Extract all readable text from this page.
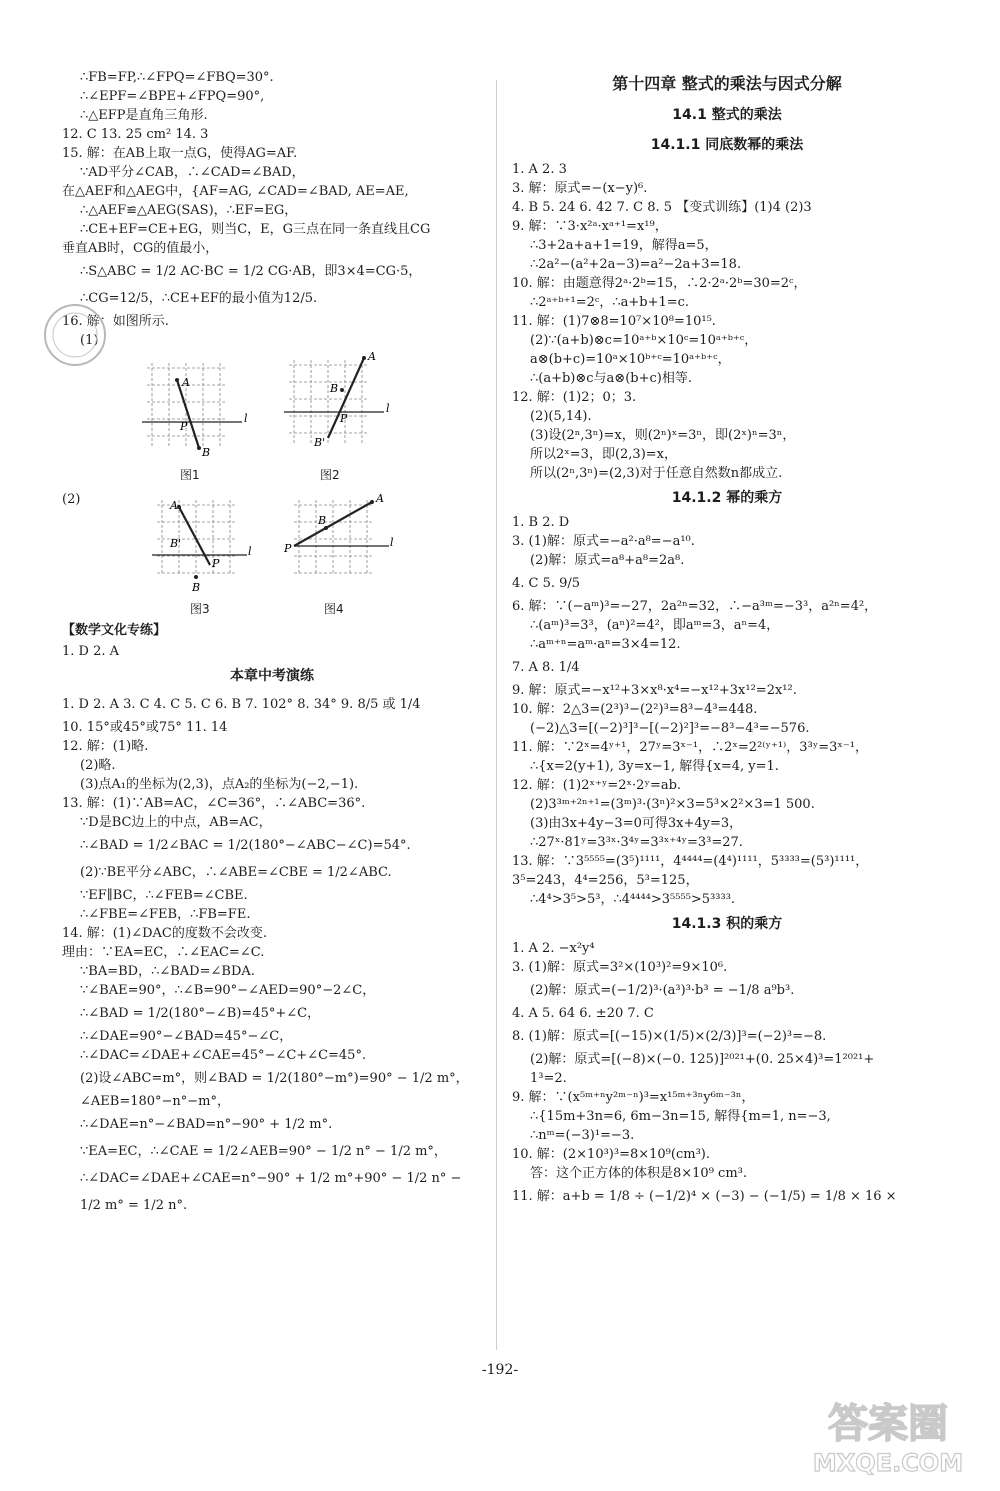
∴FB=FP,∴∠FPQ=∠FBQ=30°.
∴∠EPF=∠BPE+∠FPQ=90°,
∴△EFP是直角三角形.
12. C 13. 25 cm² 14. 3
15. 解：在AB上取一点G，使得AG=AF.
∵AD平分∠CAB，∴∠CAD=∠BAD，
在△AEF和△AEG中，{AF=AG, ∠CAD=∠BAD, AE=AE,
∴△AEF≌△AEG(SAS)，∴EF=EG，
∴CE+EF=CE+EG，则当C，E，G三点在同一条直线且CG
垂直AB时，CG的值最小，
∴S△ABC = 1/2 AC·BC = 1/2 CG·AB，即3×4=CG·5，
∴CG=12/5，∴CE+EF的最小值为12/5.
16. 解：如图所示.
(1)
A
P
B
l
A
B
P
B'
l
图1	图2
(2)	A
B'
P
B
l
A
B
P	l
图3	图4
【数学文化专练】
1. D 2. A
本章中考演练
1. D 2. A 3. C 4. C 5. C 6. B 7. 102° 8. 34° 9. 8/5 或 1/4
10. 15°或45°或75° 11. 14
12. 解：(1)略.
(2)略.
(3)点A₁的坐标为(2,3)，点A₂的坐标为(−2,−1).
13. 解：(1)∵AB=AC，∠C=36°，∴∠ABC=36°.
∵D是BC边上的中点，AB=AC，
∴∠BAD = 1/2∠BAC = 1/2(180°−∠ABC−∠C)=54°.
(2)∵BE平分∠ABC，∴∠ABE=∠CBE = 1/2∠ABC.
∵EF∥BC，∴∠FEB=∠CBE.
∴∠FBE=∠FEB，∴FB=FE.
14. 解：(1)∠DAC的度数不会改变.
理由：∵EA=EC，∴∠EAC=∠C.
∵BA=BD，∴∠BAD=∠BDA.
∵∠BAE=90°，∴∠B=90°−∠AED=90°−2∠C，
∴∠BAD = 1/2(180°−∠B)=45°+∠C，
∴∠DAE=90°−∠BAD=45°−∠C，
∴∠DAC=∠DAE+∠CAE=45°−∠C+∠C=45°.
(2)设∠ABC=m°，则∠BAD = 1/2(180°−m°)=90° − 1/2 m°，
∠AEB=180°−n°−m°，
∴∠DAE=n°−∠BAD=n°−90° + 1/2 m°.
∵EA=EC，∴∠CAE = 1/2∠AEB=90° − 1/2 n° − 1/2 m°，
∴∠DAC=∠DAE+∠CAE=n°−90° + 1/2 m°+90° − 1/2 n° −
1/2 m° = 1/2 n°.
第十四章 整式的乘法与因式分解
14.1 整式的乘法
14.1.1 同底数幂的乘法
1. A 2. 3
3. 解：原式=−(x−y)⁶.
4. B 5. 24 6. 42 7. C 8. 5 【变式训练】(1)4 (2)3
9. 解：∵3·x²ᵃ·xᵃ⁺¹=x¹⁹，
∴3+2a+a+1=19，解得a=5，
∴2a²−(a²+2a−3)=a²−2a+3=18.
10. 解：由题意得2ᵃ·2ᵇ=15，∴2·2ᵃ·2ᵇ=30=2ᶜ，
∴2ᵃ⁺ᵇ⁺¹=2ᶜ，∴a+b+1=c.
11. 解：(1)7⊗8=10⁷×10⁸=10¹⁵.
(2)∵(a+b)⊗c=10ᵃ⁺ᵇ×10ᶜ=10ᵃ⁺ᵇ⁺ᶜ，
a⊗(b+c)=10ᵃ×10ᵇ⁺ᶜ=10ᵃ⁺ᵇ⁺ᶜ，
∴(a+b)⊗c与a⊗(b+c)相等.
12. 解：(1)2；0；3.
(2)(5,14).
(3)设(2ⁿ,3ⁿ)=x，则(2ⁿ)ˣ=3ⁿ，即(2ˣ)ⁿ=3ⁿ，
所以2ˣ=3，即(2,3)=x，
所以(2ⁿ,3ⁿ)=(2,3)对于任意自然数n都成立.
14.1.2 幂的乘方
1. B 2. D
3. (1)解：原式=−a²·a⁸=−a¹⁰.
(2)解：原式=a⁸+a⁸=2a⁸.
4. C 5. 9/5
6. 解：∵(−aᵐ)³=−27，2a²ⁿ=32，∴−a³ᵐ=−3³，a²ⁿ=4²，
∴(aᵐ)³=3³，(aⁿ)²=4²，即aᵐ=3，aⁿ=4，
∴aᵐ⁺ⁿ=aᵐ·aⁿ=3×4=12.
7. A 8. 1/4
9. 解：原式=−x¹²+3×x⁸·x⁴=−x¹²+3x¹²=2x¹².
10. 解：2△3=(2³)³−(2²)³=8³−4³=448.
(−2)△3=[(−2)³]³−[(−2)²]³=−8³−4³=−576.
11. 解：∵2ˣ=4ʸ⁺¹，27ʸ=3ˣ⁻¹，∴2ˣ=2²⁽ʸ⁺¹⁾，3³ʸ=3ˣ⁻¹，
∴{x=2(y+1), 3y=x−1, 解得{x=4, y=1.
12. 解：(1)2ˣ⁺ʸ=2ˣ·2ʸ=ab.
(2)3³ᵐ⁺²ⁿ⁺¹=(3ᵐ)³·(3ⁿ)²×3=5³×2²×3=1 500.
(3)由3x+4y−3=0可得3x+4y=3，
∴27ˣ·81ʸ=3³ˣ·3⁴ʸ=3³ˣ⁺⁴ʸ=3³=27.
13. 解：∵3⁵⁵⁵⁵=(3⁵)¹¹¹¹，4⁴⁴⁴⁴=(4⁴)¹¹¹¹，5³³³³=(5³)¹¹¹¹，
3⁵=243，4⁴=256，5³=125，
∴4⁴>3⁵>5³，∴4⁴⁴⁴⁴>3⁵⁵⁵⁵>5³³³³.
14.1.3 积的乘方
1. A 2. −x²y⁴
3. (1)解：原式=3²×(10³)²=9×10⁶.
(2)解：原式=(−1/2)³·(a³)³·b³ = −1/8 a⁹b³.
4. A 5. 64 6. ±20 7. C
8. (1)解：原式=[(−15)×(1/5)×(2/3)]³=(−2)³=−8.
(2)解：原式=[(−8)×(−0. 125)]²⁰²¹+(0. 25×4)³=1²⁰²¹+
1³=2.
9. 解：∵(x⁵ᵐ⁺ⁿy²ᵐ⁻ⁿ)³=x¹⁵ᵐ⁺³ⁿy⁶ᵐ⁻³ⁿ，
∴{15m+3n=6, 6m−3n=15, 解得{m=1, n=−3,
∴nᵐ=(−3)¹=−3.
10. 解：(2×10³)³=8×10⁹(cm³).
答：这个正方体的体积是8×10⁹ cm³.
11. 解：a+b = 1/8 ÷ (−1/2)⁴ × (−3) − (−1/5) = 1/8 × 16 ×
-192-
答案圈
MXQE.COM
